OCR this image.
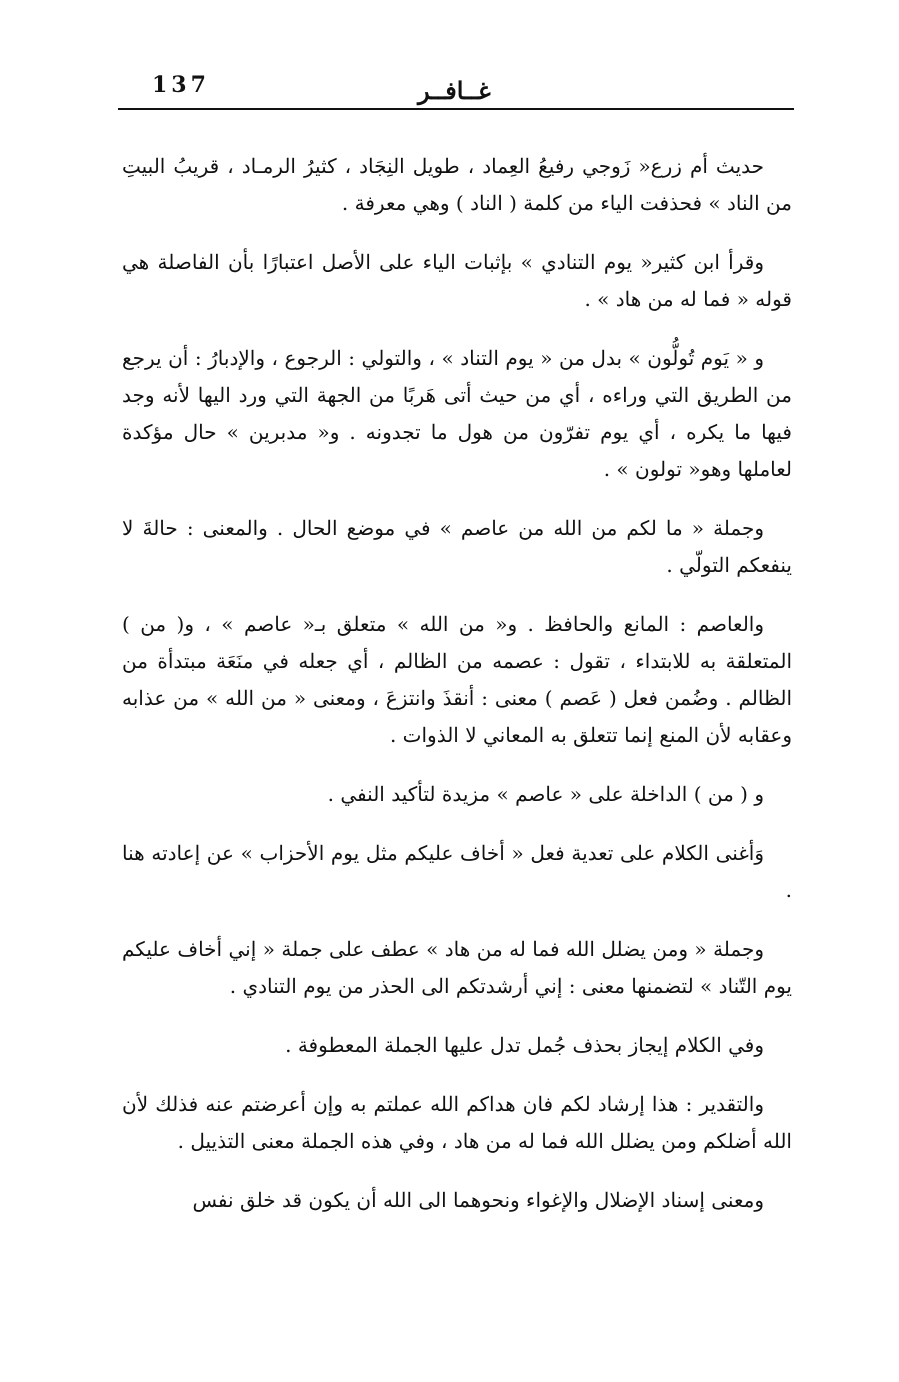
137	غــافــر

حديث أم زرع« زَوجي رفيعُ العِماد ، طويل النِجَاد ، كثيرُ الرمـاد ، قريبُ البيتِ من الناد » فحذفت الياء من كلمة ( الناد ) وهي معرفة .

وقرأ ابن كثير« يوم التنادي » بإثبات الياء على الأصل اعتبارًا بأن الفاصلة هي قوله « فما له من هاد » .

و « يَوم تُولُّون » بدل من « يوم التناد » ، والتولي : الرجوع ، والإدبارُ : أن يرجع من الطريق التي وراءه ، أي من حيث أتى هَربًا من الجهة التي ورد اليها لأنه وجد فيها ما يكره ، أي يوم تفرّون من هول ما تجدونه . و« مدبرين » حال مؤكدة لعاملها وهو« تولون » .

وجملة « ما لكم من الله من عاصم » في موضع الحال . والمعنى : حالةَ لا ينفعكم التولّي .

والعاصم : المانع والحافظ . و« من الله » متعلق بـ« عاصم » ، و( من ) المتعلقة به للابتداء ، تقول : عصمه من الظالم ، أي جعله في منَعَة مبتدأة من الظالم . وضُمن فعل ( عَصم ) معنى : أنقذَ وانتزعَ ، ومعنى « من الله » من عذابه وعقابه لأن المنع إنما تتعلق به المعاني لا الذوات .

و ( من ) الداخلة على « عاصم » مزيدة لتأكيد النفي .

وَأغنى الكلام على تعدية فعل « أخاف عليكم مثل يوم الأحزاب » عن إعادته هنا .

وجملة « ومن يضلل الله فما له من هاد » عطف على جملة « إني أخاف عليكم يوم التّناد » لتضمنها معنى : إني أرشدتكم الى الحذر من يوم التنادي .

وفي الكلام إيجاز بحذف جُمل تدل عليها الجملة المعطوفة .

والتقدير : هذا إرشاد لكم فان هداكم الله عملتم به وإن أعرضتم عنه فذلك لأن الله أضلكم ومن يضلل الله فما له من هاد ، وفي هذه الجملة معنى التذييل .

ومعنى إسناد الإضلال والإغواء ونحوهما الى الله أن يكون قد خلق نفس
